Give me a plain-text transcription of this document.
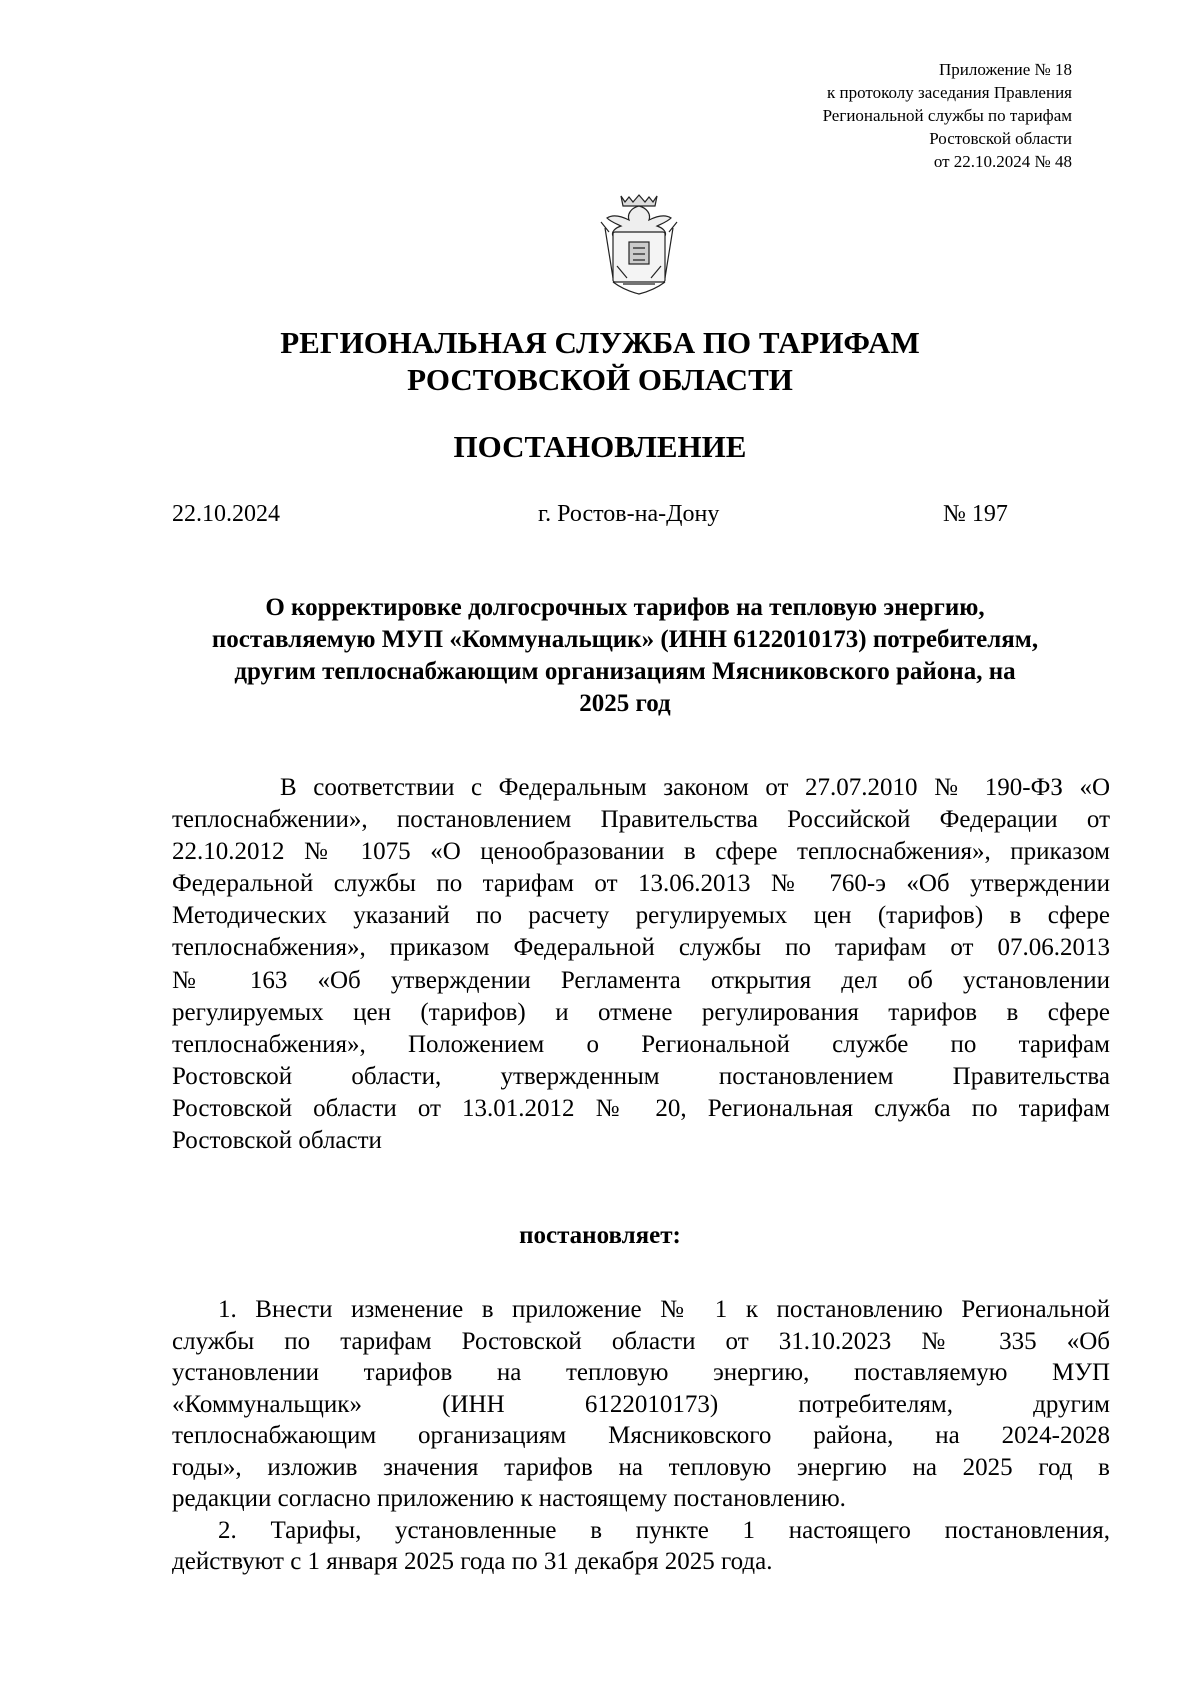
Приложение № 18
к протоколу заседания Правления
Региональной службы по тарифам
Ростовской области
от 22.10.2024 № 48
РЕГИОНАЛЬНАЯ СЛУЖБА ПО ТАРИФАМ
РОСТОВСКОЙ ОБЛАСТИ
ПОСТАНОВЛЕНИЕ
22.10.2024	г. Ростов-на-Дону	№ 197
О корректировке долгосрочных тарифов на тепловую энергию,
поставляемую МУП «Коммунальщик» (ИНН 6122010173) потребителям,
другим теплоснабжающим организациям Мясниковского района, на
2025 год
В соответствии с Федеральным законом от 27.07.2010 № 190-ФЗ «О
теплоснабжении», постановлением Правительства Российской Федерации от
22.10.2012 № 1075 «О ценообразовании в сфере теплоснабжения», приказом
Федеральной службы по тарифам от 13.06.2013 № 760-э «Об утверждении
Методических указаний по расчету регулируемых цен (тарифов) в сфере
теплоснабжения», приказом Федеральной службы по тарифам от 07.06.2013
№ 163 «Об утверждении Регламента открытия дел об установлении
регулируемых цен (тарифов) и отмене регулирования тарифов в сфере
теплоснабжения», Положением о Региональной службе по тарифам
Ростовской области, утвержденным постановлением Правительства
Ростовской области от 13.01.2012 № 20, Региональная служба по тарифам
Ростовской области
постановляет:
1. Внести изменение в приложение № 1 к постановлению Региональной
службы по тарифам Ростовской области от 31.10.2023 № 335 «Об
установлении тарифов на тепловую энергию, поставляемую МУП
«Коммунальщик» (ИНН 6122010173) потребителям, другим
теплоснабжающим организациям Мясниковского района, на 2024-2028
годы», изложив значения тарифов на тепловую энергию на 2025 год в
редакции согласно приложению к настоящему постановлению.
2. Тарифы, установленные в пункте 1 настоящего постановления,
действуют с 1 января 2025 года по 31 декабря 2025 года.
